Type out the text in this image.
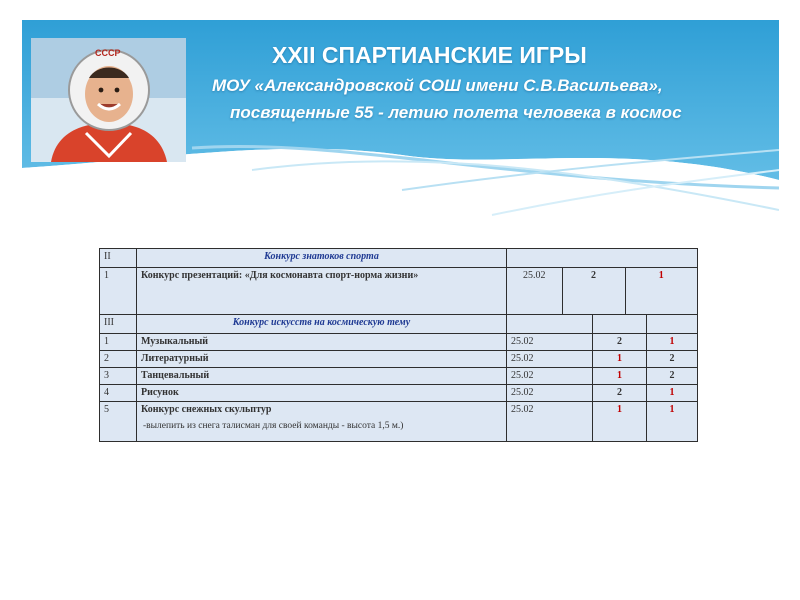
СССР	XXII СПАРТИАНСКИЕ ИГРЫ
МОУ «Александровской СОШ имени С.В.Васильева»,
посвященные 55 - летию полета человека в космос
II	Конкурс знатоков спорта	
1	Конкурс презентаций: «Для космонавта спорт-норма жизни»		25.02	2	1
III	Конкурс искусств на космическую тему			
1	Музыкальный	25.02	2	1
2	Литературный	25.02	1	2
3	Танцевальный	25.02	1	2
4	Рисунок	25.02	2	1
5	Конкурс снежных скульптур
-вылепить из снега талисман для своей команды - высота 1,5 м.)	25.02	1	1
